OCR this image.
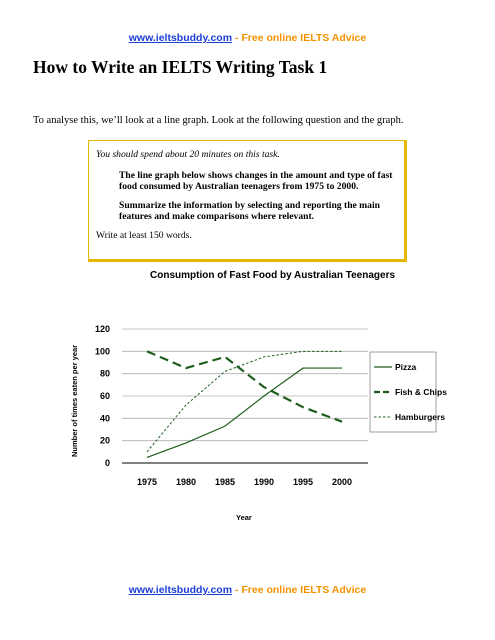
www.ieltsbuddy.com - Free online IELTS Advice
How to Write an IELTS Writing Task 1

To analyse this, we’ll look at a line graph. Look at the following question and the graph.

You should spend about 20 minutes on this task.

The line graph below shows changes in the amount and type of fast food consumed by Australian teenagers from 1975 to 2000.

Summarize the information by selecting and reporting the main features and make comparisons where relevant.

Write at least 150 words.

Consumption of Fast Food by Australian Teenagers
0
20
40
60
80
100
120
1975 1980 1985 1990 1995 2000
Pizza
Fish & Chips
Hamburgers
Number of times eaten per year
Year
www.ieltsbuddy.com - Free online IELTS Advice
